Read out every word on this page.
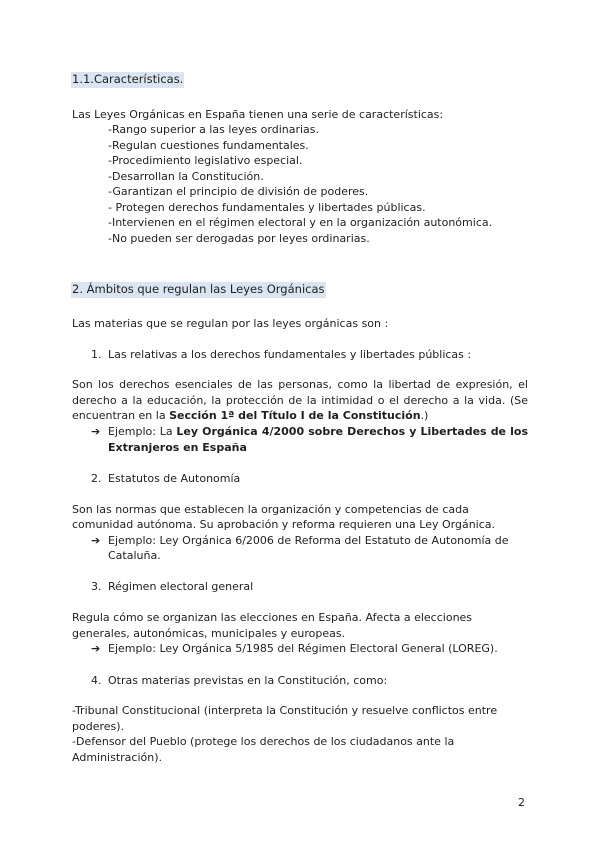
1.1.Características.
Las Leyes Orgánicas en España tienen una serie de características:
-Rango superior a las leyes ordinarias.
-Regulan cuestiones fundamentales.
-Procedimiento legislativo especial.
-Desarrollan la Constitución.
-Garantizan el principio de división de poderes.
- Protegen derechos fundamentales y libertades públicas.
-Intervienen en el régimen electoral y en la organización autonómica.
-No pueden ser derogadas por leyes ordinarias.
2. Ámbitos que regulan las Leyes Orgánicas
Las materias que se regulan por las leyes orgánicas son :
1. Las relativas a los derechos fundamentales y libertades públicas :
Son los derechos esenciales de las personas, como la libertad de expresión, el
derecho a la educación, la protección de la intimidad o el derecho a la vida. (Se
encuentran en la Sección 1ª del Título I de la Constitución.)
➔ Ejemplo: La Ley Orgánica 4/2000 sobre Derechos y Libertades de los
Extranjeros en España
2. Estatutos de Autonomía
Son las normas que establecen la organización y competencias de cada
comunidad autónoma. Su aprobación y reforma requieren una Ley Orgánica.
➔ Ejemplo: Ley Orgánica 6/2006 de Reforma del Estatuto de Autonomía de
Cataluña.
3. Régimen electoral general
Regula cómo se organizan las elecciones en España. Afecta a elecciones
generales, autonómicas, municipales y europeas.
➔ Ejemplo: Ley Orgánica 5/1985 del Régimen Electoral General (LOREG).
4. Otras materias previstas en la Constitución, como:
-Tribunal Constitucional (interpreta la Constitución y resuelve conflictos entre
poderes).
-Defensor del Pueblo (protege los derechos de los ciudadanos ante la
Administración).
2
